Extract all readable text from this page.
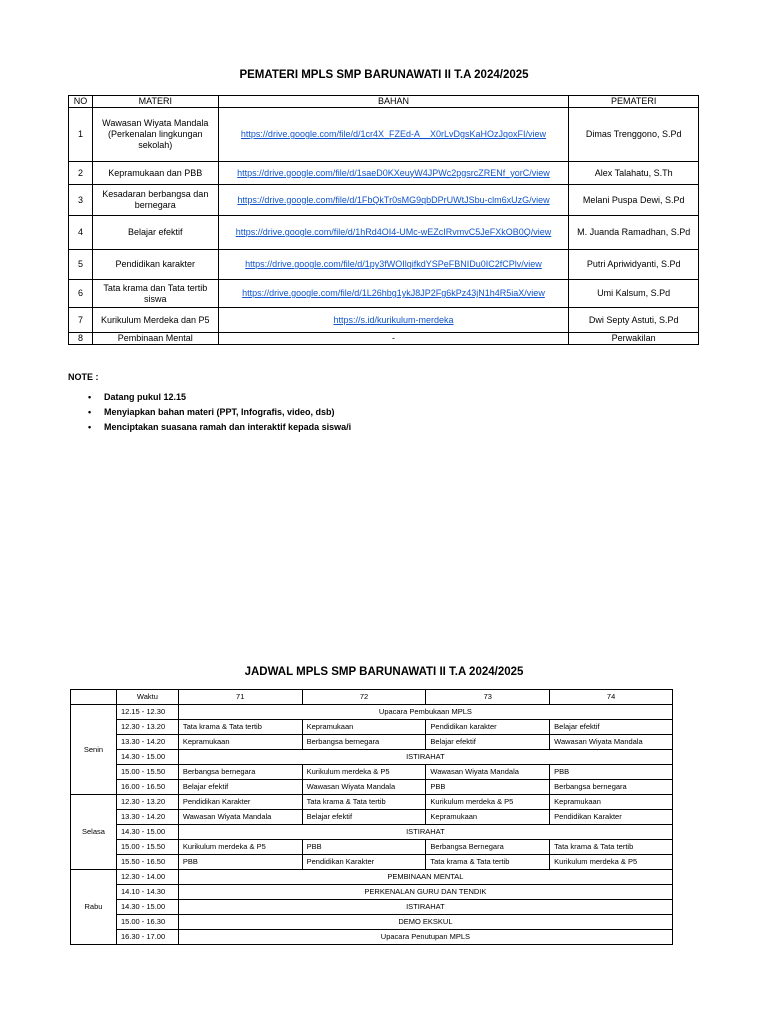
PEMATERI MPLS SMP BARUNAWATI II T.A 2024/2025
NO	MATERI	BAHAN	PEMATERI
1	Wawasan Wiyata Mandala (Perkenalan lingkungan sekolah)	https://drive.google.com/file/d/1cr4X_FZEd-A__X0rLvDgsKaHOzJqoxFI/view	Dimas Trenggono, S.Pd
2	Kepramukaan dan PBB	https://drive.google.com/file/d/1saeD0KXeuyW4JPWc2pgsrcZRENf_yorC/view	Alex Talahatu, S.Th
3	Kesadaran berbangsa dan bernegara	https://drive.google.com/file/d/1FbQkTr0sMG9qbDPrUWtJSbu-clm6xUzG/view	Melani Puspa Dewi, S.Pd
4	Belajar efektif	https://drive.google.com/file/d/1hRd4OI4-UMc-wEZcIRvmvC5JeFXkOB0Q/view	M. Juanda Ramadhan, S.Pd
5	Pendidikan karakter	https://drive.google.com/file/d/1py3fWOIlqifkdYSPeFBNIDu0IC2fCPlv/view	Putri Apriwidyanti, S.Pd
6	Tata krama dan Tata tertib siswa	https://drive.google.com/file/d/1L26hbg1ykJ8JP2Fg6kPz43jN1h4R5iaX/view	Umi Kalsum, S.Pd
7	Kurikulum Merdeka dan P5	https://s.id/kurikulum-merdeka	Dwi Septy Astuti, S.Pd
8	Pembinaan Mental	-	Perwakilan
NOTE :
• Datang pukul 12.15
• Menyiapkan bahan materi (PPT, Infografis, video, dsb)
• Menciptakan suasana ramah dan interaktif kepada siswa/i
JADWAL MPLS SMP BARUNAWATI II T.A 2024/2025
	Waktu	71	72	73	74
Senin	12.15 - 12.30	Upacara Pembukaan MPLS			
	12.30 - 13.20	Tata krama & Tata tertib	Kepramukaan	Pendidikan karakter	Belajar efektif
	13.30 - 14.20	Kepramukaan	Berbangsa bernegara	Belajar efektif	Wawasan Wiyata Mandala
	14.30 - 15.00	ISTIRAHAT			
	15.00 - 15.50	Berbangsa bernegara	Kurikulum merdeka & P5	Wawasan Wiyata Mandala	PBB
	16.00 - 16.50	Belajar efektif	Wawasan Wiyata Mandala	PBB	Berbangsa bernegara
Selasa	12.30 - 13.20	Pendidikan Karakter	Tata krama & Tata tertib	Kurikulum merdeka & P5	Kepramukaan
	13.30 - 14.20	Wawasan Wiyata Mandala	Belajar efektif	Kepramukaan	Pendidikan Karakter
	14.30 - 15.00	ISTIRAHAT			
	15.00 - 15.50	Kurikulum merdeka & P5	PBB	Berbangsa Bernegara	Tata krama & Tata tertib
	15.50 - 16.50	PBB	Pendidikan Karakter	Tata krama & Tata tertib	Kurikulum merdeka & P5
Rabu	12.30 - 14.00	PEMBINAAN MENTAL			
	14.10 - 14.30	PERKENALAN GURU DAN TENDIK			
	14.30 - 15.00	ISTIRAHAT			
	15.00 - 16.30	DEMO EKSKUL			
	16.30 - 17.00	Upacara Penutupan MPLS			
